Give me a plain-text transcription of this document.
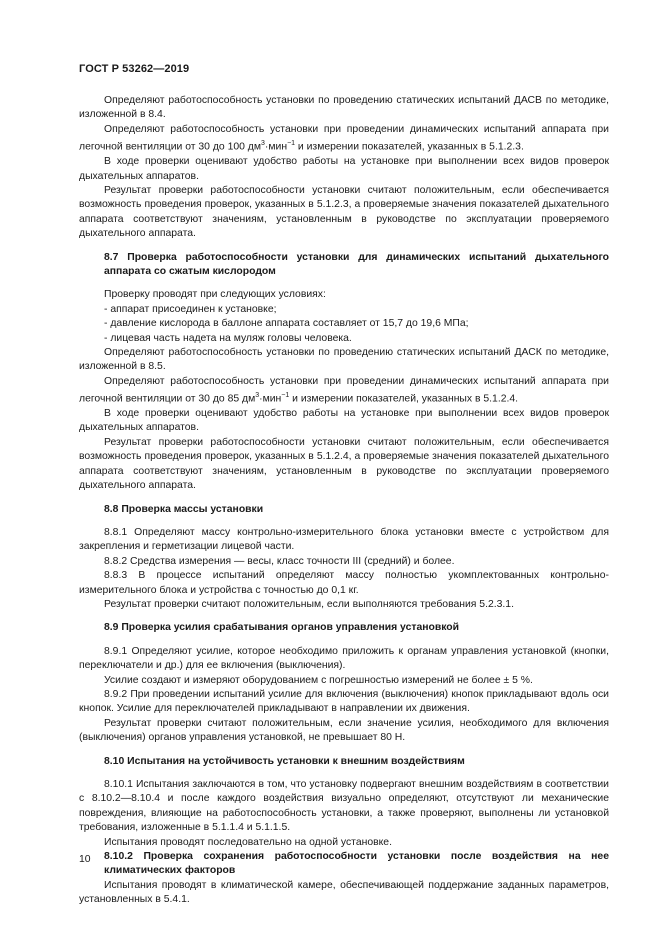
ГОСТ Р 53262—2019

Определяют работоспособность установки по проведению статических испытаний ДАСВ по методике, изложенной в 8.4.

Определяют работоспособность установки при проведении динамических испытаний аппарата при легочной вентиляции от 30 до 100 $дм^3\cdot мин^{-1}$ и измерении показателей, указанных в 5.1.2.3.

В ходе проверки оценивают удобство работы на установке при выполнении всех видов проверок дыхательных аппаратов.

Результат проверки работоспособности установки считают положительным, если обеспечивается возможность проведения проверок, указанных в 5.1.2.3, а проверяемые значения показателей дыхательного аппарата соответствуют значениям, установленным в руководстве по эксплуатации проверяемого дыхательного аппарата.

8.7 Проверка работоспособности установки для динамических испытаний дыхательного аппарата со сжатым кислородом

Проверку проводят при следующих условиях:

- аппарат присоединен к установке;

- давление кислорода в баллоне аппарата составляет от 15,7 до 19,6 МПа;

- лицевая часть надета на муляж головы человека.

Определяют работоспособность установки по проведению статических испытаний ДАСК по методике, изложенной в 8.5.

Определяют работоспособность установки при проведении динамических испытаний аппарата при легочной вентиляции от 30 до 85 $дм^3\cdot мин^{-1}$ и измерении показателей, указанных в 5.1.2.4.

В ходе проверки оценивают удобство работы на установке при выполнении всех видов проверок дыхательных аппаратов.

Результат проверки работоспособности установки считают положительным, если обеспечивается возможность проведения проверок, указанных в 5.1.2.4, а проверяемые значения показателей дыхательного аппарата соответствуют значениям, установленным в руководстве по эксплуатации проверяемого дыхательного аппарата.

8.8 Проверка массы установки

8.8.1 Определяют массу контрольно-измерительного блока установки вместе с устройством для закрепления и герметизации лицевой части.

8.8.2 Средства измерения — весы, класс точности III (средний) и более.

8.8.3 В процессе испытаний определяют массу полностью укомплектованных контрольно-измерительного блока и устройства с точностью до 0,1 кг.

Результат проверки считают положительным, если выполняются требования 5.2.3.1.

8.9 Проверка усилия срабатывания органов управления установкой

8.9.1 Определяют усилие, которое необходимо приложить к органам управления установкой (кнопки, переключатели и др.) для ее включения (выключения).

Усилие создают и измеряют оборудованием с погрешностью измерений не более ± 5 %.

8.9.2 При проведении испытаний усилие для включения (выключения) кнопок прикладывают вдоль оси кнопок. Усилие для переключателей прикладывают в направлении их движения.

Результат проверки считают положительным, если значение усилия, необходимого для включения (выключения) органов управления установкой, не превышает 80 Н.

8.10 Испытания на устойчивость установки к внешним воздействиям

8.10.1 Испытания заключаются в том, что установку подвергают внешним воздействиям в соответствии с 8.10.2—8.10.4 и после каждого воздействия визуально определяют, отсутствуют ли механические повреждения, влияющие на работоспособность установки, а также проверяют, выполнены ли установкой требования, изложенные в 5.1.1.4 и 5.1.1.5.

Испытания проводят последовательно на одной установке.

8.10.2 Проверка сохранения работоспособности установки после воздействия на нее климатических факторов

Испытания проводят в климатической камере, обеспечивающей поддержание заданных параметров, установленных в 5.4.1.

10
